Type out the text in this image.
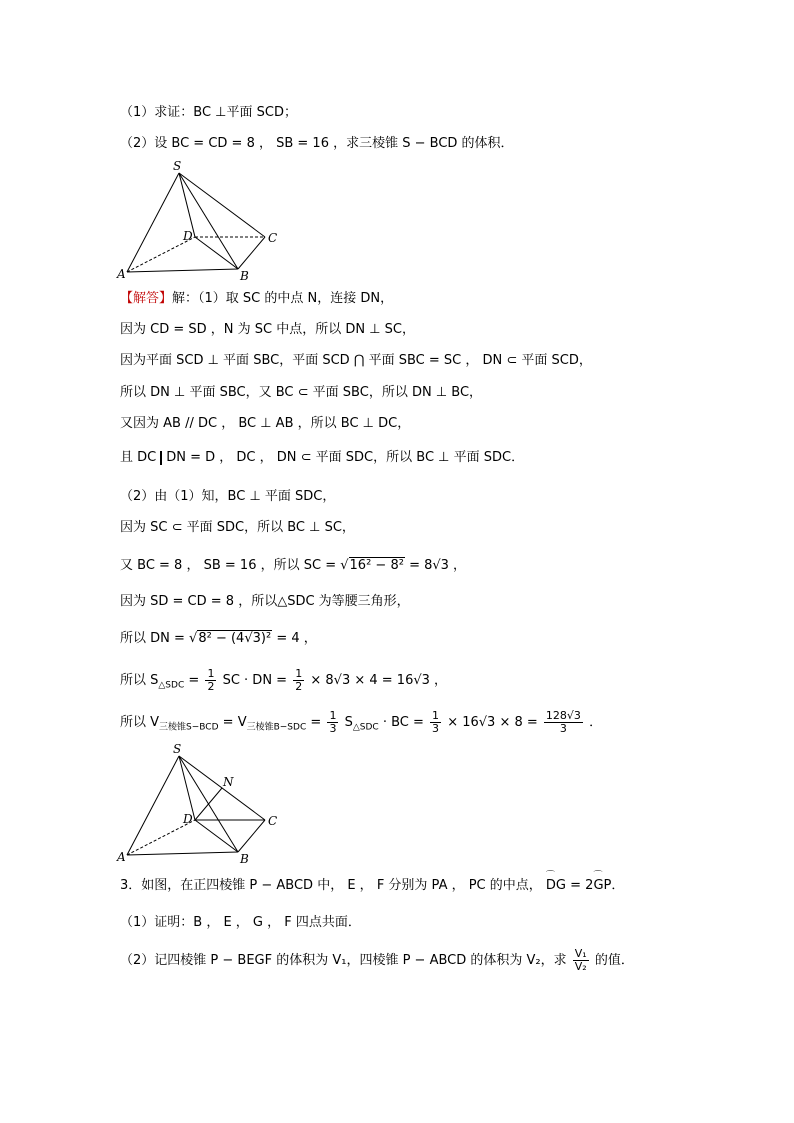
（1）求证：BC ⊥平面 SCD；
（2）设 BC = CD = 8 ， SB = 16 ，求三棱锥 S − BCD 的体积．
S
D	C
A	B
【解答】解：（1）取 SC 的中点 N，连接 DN，
因为 CD = SD ，N 为 SC 中点，所以 DN ⊥ SC，
因为平面 SCD ⊥ 平面 SBC，平面 SCD ⋂ 平面 SBC = SC ， DN ⊂ 平面 SCD，
所以 DN ⊥ 平面 SBC，又 BC ⊂ 平面 SBC，所以 DN ⊥ BC，
又因为 AB // DC ， BC ⊥ AB ，所以 BC ⊥ DC，
且 DC DN = D ， DC ， DN ⊂ 平面 SDC，所以 BC ⊥ 平面 SDC．
（2）由（1）知，BC ⊥ 平面 SDC，
因为 SC ⊂ 平面 SDC，所以 BC ⊥ SC，
又 BC = 8 ， SB = 16 ，所以 SC = √16² − 8² = 8√3 ，
因为 SD = CD = 8 ，所以△SDC 为等腰三角形，
所以 DN = √8² − (4√3)² = 4 ，
所以 $S_{\triangle SDC} = \frac{1}{2}$ SC · DN = $\frac{1}{2} \times 8√3 \times 4 = 16√3$ ，
所以 $V_{三棱锥S-BCD} = V_{三棱锥B-SDC} = \frac{1}{3} S_{\triangle SDC}$ · BC = $\frac{1}{3} \times 16√3 \times 8 = \frac{128√3}{3}$ ．
S
N
D	C
A	B
3．如图，在正四棱锥 P − ABCD 中， E ， F 分别为 PA ， PC 的中点， ⌒ DG = 2⌒ GP．
（1）证明：B ， E ， G ， F 四点共面．
（2）记四棱锥 P − BEGF 的体积为 V₁，四棱锥 P − ABCD 的体积为 V₂，求 $\frac{\text{V₁}}{\text{V₂}}$ 的值．
